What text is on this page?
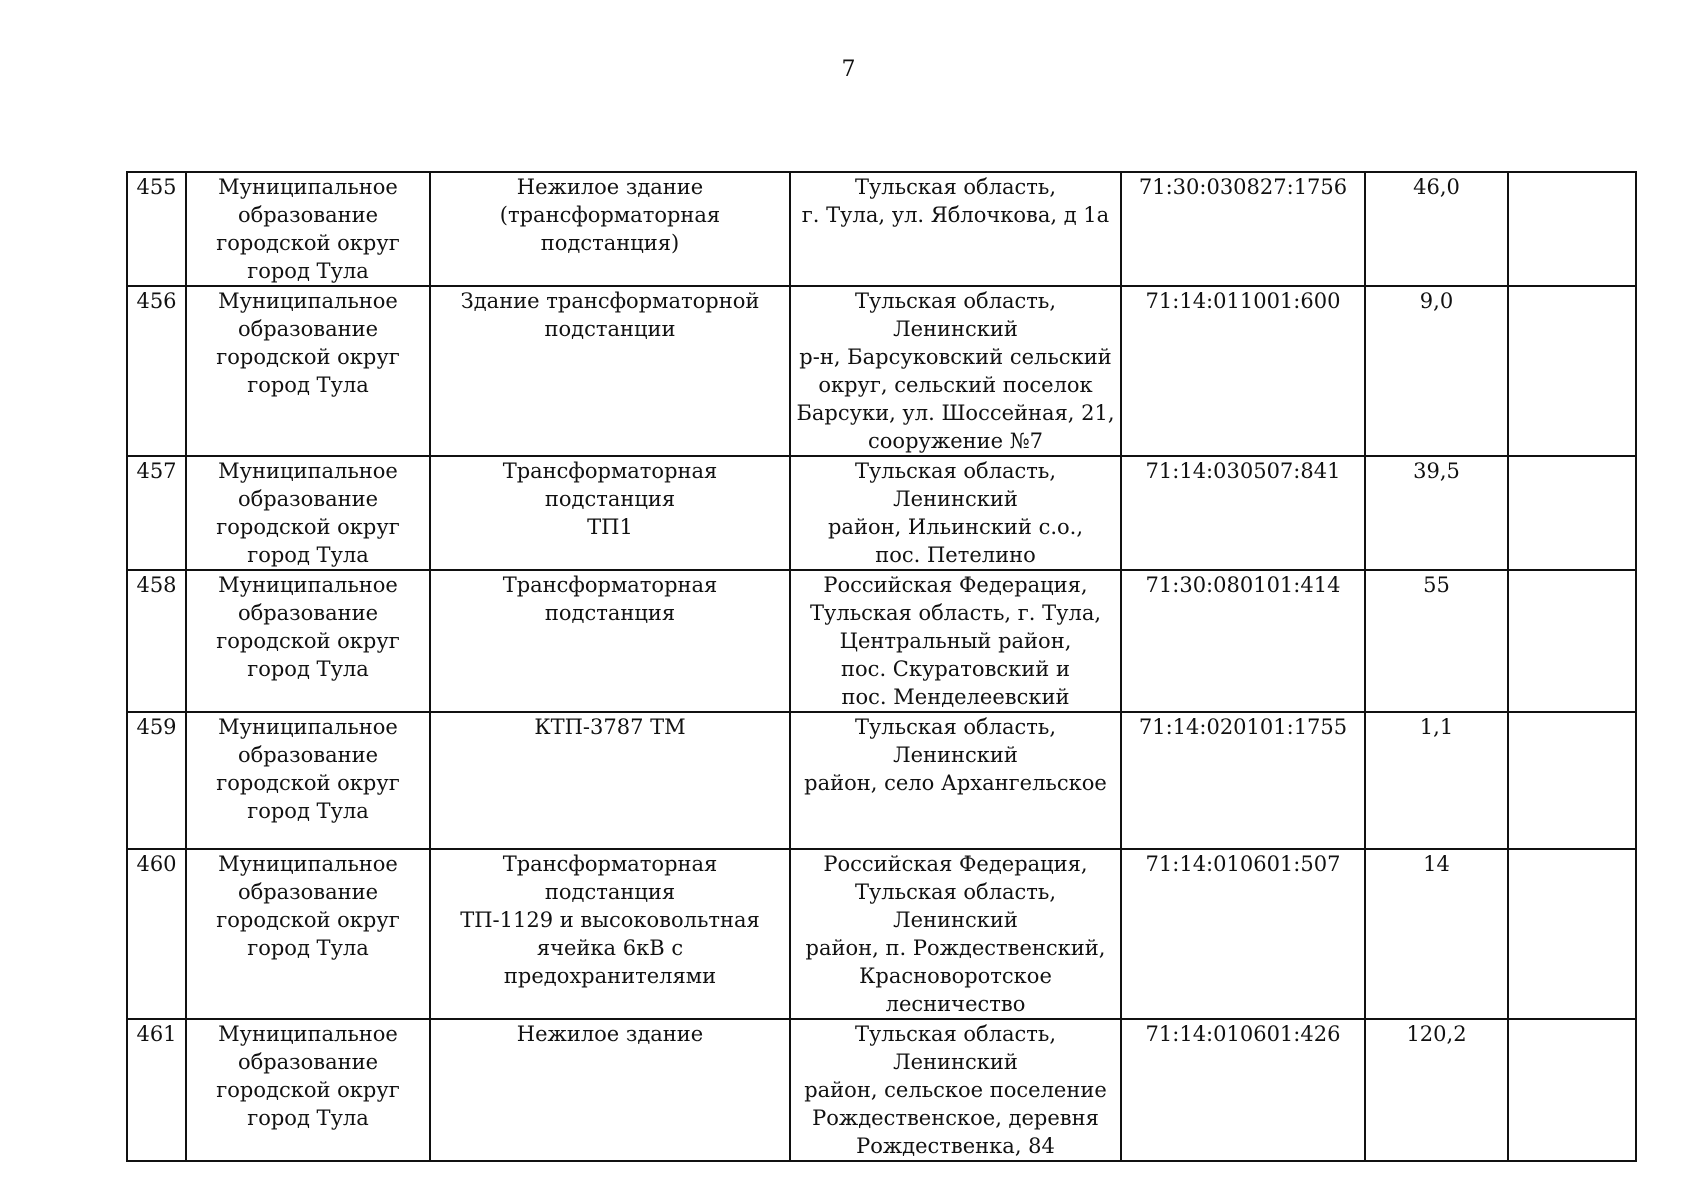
7
455	Муниципальное
образование
городской округ
город Тула	Нежилое здание
(трансформаторная подстанция)	Тульская область,
г. Тула, ул. Яблочкова, д 1а	71:30:030827:1756	46,0	
456	Муниципальное
образование
городской округ
город Тула	Здание трансформаторной
подстанции	Тульская область, Ленинский
р-н, Барсуковский сельский
округ, сельский поселок
Барсуки, ул. Шоссейная, 21,
сооружение №7	71:14:011001:600	9,0	
457	Муниципальное
образование
городской округ
город Тула	Трансформаторная подстанция
ТП1	Тульская область, Ленинский
район, Ильинский с.о.,
пос. Петелино	71:14:030507:841	39,5	
458	Муниципальное
образование
городской округ
город Тула	Трансформаторная подстанция	Российская Федерация,
Тульская область, г. Тула,
Центральный район,
пос. Скуратовский и
пос. Менделеевский	71:30:080101:414	55	
459	Муниципальное
образование
городской округ
город Тула	КТП-3787 ТМ	Тульская область, Ленинский
район, село Архангельское	71:14:020101:1755	1,1	
460	Муниципальное
образование
городской округ
город Тула	Трансформаторная подстанция
ТП-1129 и высоковольтная
ячейка 6кВ с предохранителями	Российская Федерация,
Тульская область, Ленинский
район, п. Рождественский,
Красноворотское
лесничество	71:14:010601:507	14	
461	Муниципальное
образование
городской округ
город Тула	Нежилое здание	Тульская область, Ленинский
район, сельское поселение
Рождественское, деревня
Рождественка, 84	71:14:010601:426	120,2	
